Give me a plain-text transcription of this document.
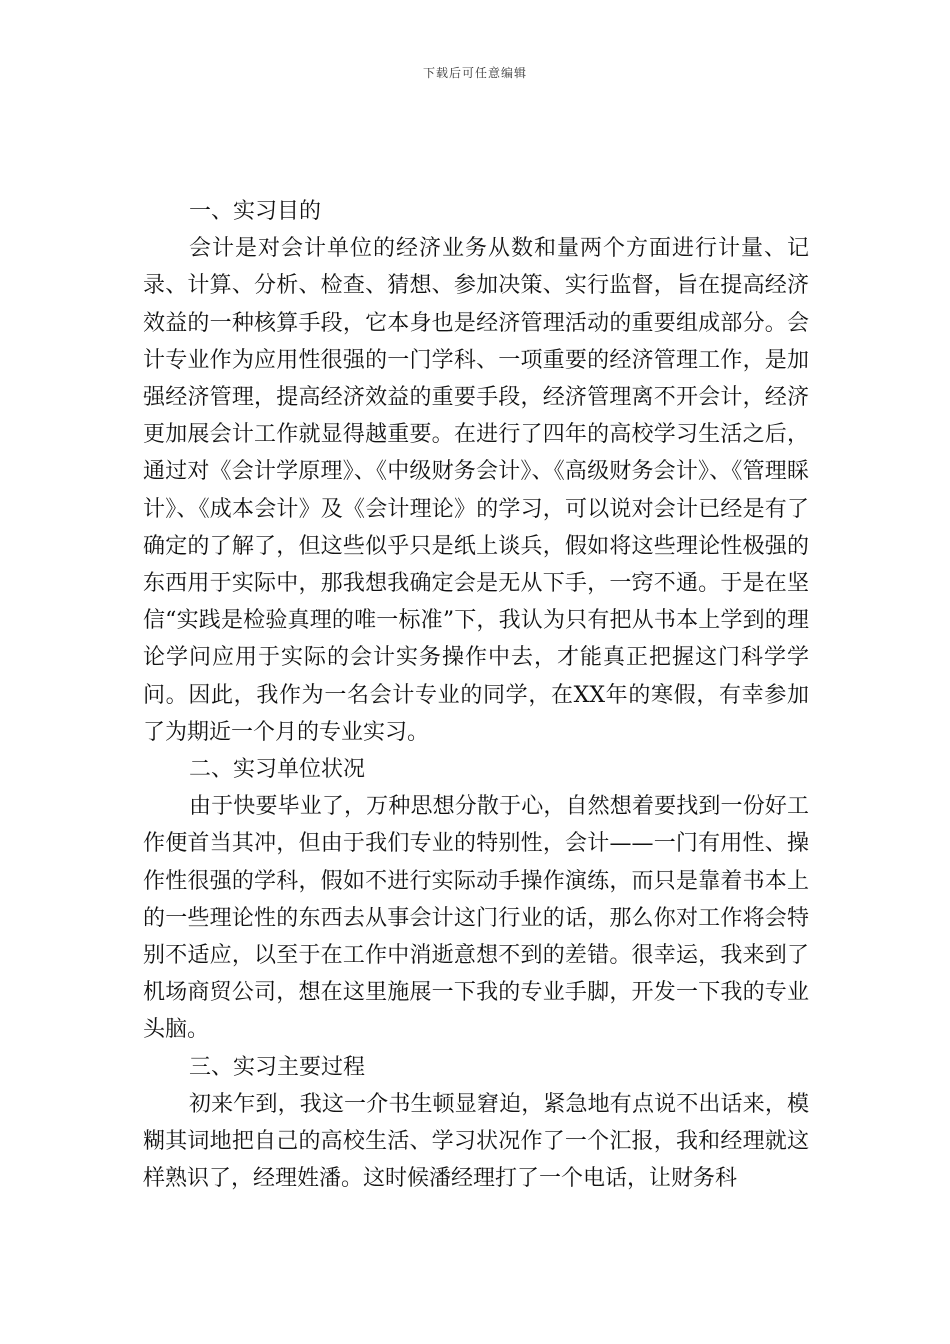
下载后可任意编辑

一、实习目的

会计是对会计单位的经济业务从数和量两个方面进行计量、记录、计算、分析、检查、猜想、参加决策、实行监督，旨在提高经济效益的一种核算手段，它本身也是经济管理活动的重要组成部分。会计专业作为应用性很强的一门学科、一项重要的经济管理工作，是加强经济管理，提高经济效益的重要手段，经济管理离不开会计，经济更加展会计工作就显得越重要。在进行了四年的高校学习生活之后，通过对《会计学原理》、《中级财务会计》、《高级财务会计》、《管理睬计》、《成本会计》及《会计理论》的学习，可以说对会计已经是有了确定的了解了，但这些似乎只是纸上谈兵，假如将这些理论性极强的东西用于实际中，那我想我确定会是无从下手，一窍不通。于是在坚信“实践是检验真理的唯一标准”下，我认为只有把从书本上学到的理论学问应用于实际的会计实务操作中去，才能真正把握这门科学学问。因此，我作为一名会计专业的同学，在XX年的寒假，有幸参加了为期近一个月的专业实习。

二、实习单位状况

由于快要毕业了，万种思想分散于心，自然想着要找到一份好工作便首当其冲，但由于我们专业的特别性，会计——一门有用性、操作性很强的学科，假如不进行实际动手操作演练，而只是靠着书本上的一些理论性的东西去从事会计这门行业的话，那么你对工作将会特别不适应，以至于在工作中消逝意想不到的差错。很幸运，我来到了机场商贸公司，想在这里施展一下我的专业手脚，开发一下我的专业头脑。

三、实习主要过程

初来乍到，我这一介书生顿显窘迫，紧急地有点说不出话来，模糊其词地把自己的高校生活、学习状况作了一个汇报，我和经理就这样熟识了，经理姓潘。这时候潘经理打了一个电话，让财务科
